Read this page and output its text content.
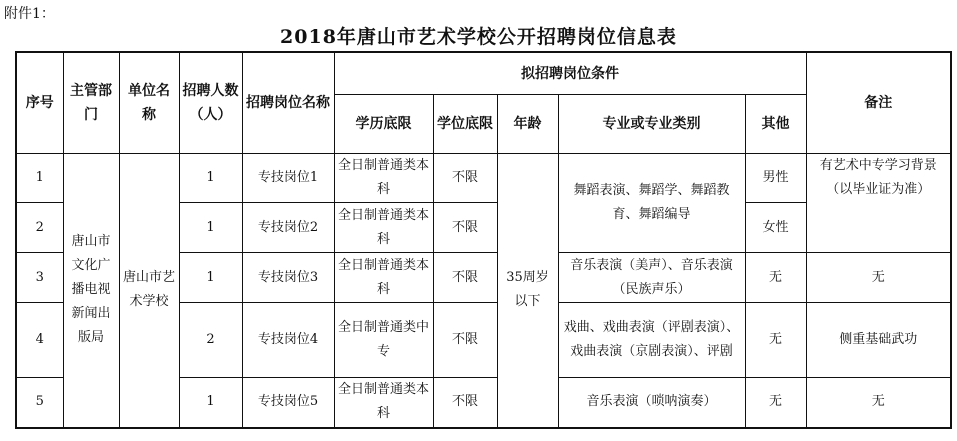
附件1：
2018年唐山市艺术学校公开招聘岗位信息表
序号	主管部门	单位名称	招聘人数（人）	招聘岗位名称	拟招聘岗位条件					备注
					学历底限	学位底限	年龄	专业或专业类别	其他	
1	唐山市文化广播电视新闻出版局	唐山市艺术学校	1	专技岗位1	全日制普通类本科	不限	35周岁以下	舞蹈表演、舞蹈学、舞蹈教育、舞蹈编导	男性	有艺术中专学习背景（以毕业证为准）
2			1	专技岗位2	全日制普通类本科	不限			女性	
3			1	专技岗位3	全日制普通类本科	不限		音乐表演（美声）、音乐表演（民族声乐）	无	无
4			2	专技岗位4	全日制普通类中专	不限		戏曲、戏曲表演（评剧表演）、戏曲表演（京剧表演）、评剧	无	侧重基础武功
5			1	专技岗位5	全日制普通类本科	不限		音乐表演（唢呐演奏）	无	无
